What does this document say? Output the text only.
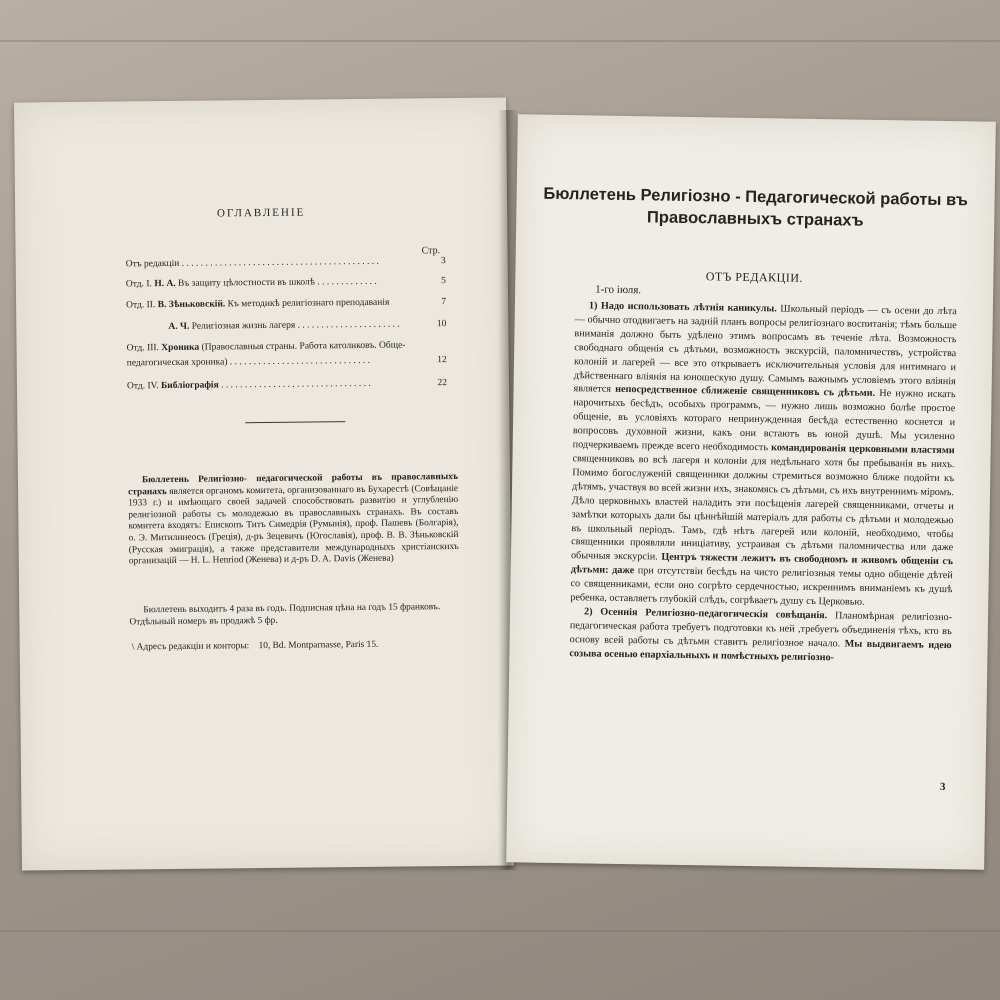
ОГЛАВЛЕНІЕ
Стр.
Отъ редакціи . . . . . . . . . . . . . . . . . . . . . . . . . . . . . . . . . . . . . . . . . .	3
Отд. I. Н. А. Въ защиту цѣлостности въ школѣ . . . . . . . . . . . . .	5
Отд. II. В. Зѣньковскій. Къ методикѣ религіознаго преподаванія	7
А. Ч. Религіозная жизнь лагеря . . . . . . . . . . . . . . . . . . . . . .	10
Отд. III. Хроника (Православныя страны. Работа католиковъ. Обще-
педагогическая хроника) . . . . . . . . . . . . . . . . . . . . . . . . . . . . . .	12
Отд. IV. Библіографія . . . . . . . . . . . . . . . . . . . . . . . . . . . . . . . .	22
Бюллетень Религіозно- педагогической работы въ православныхъ странахъ является органомъ комитета, организованнаго въ Бухарестѣ (Совѣщаніе 1933 г.) и имѣющаго своей задачей способствовать развитію и углубленію религіозной работы съ молодежью въ православныхъ странахъ. Въ составъ комитета входятъ: Епископъ Титъ Симедрія (Румынія), проф. Пашевъ (Болгарія), о. Э. Митилинеосъ (Греція), д-ръ Зецевичъ (Югославія), проф. В. В. Зѣньковскій (Русская эмиграція), а также представители международныхъ христіанскихъ организацій — H. L. Henriod (Женева) и д-ръ D. A. Davis (Женева)
Бюллетень выходитъ 4 раза въ годъ. Подписная цѣна на годъ 15 франковъ. Отдѣльный номеръ въ продажѣ 5 фр.
\ Адресъ редакціи и конторы: 10, Bd. Montparnasse, Paris 15.
Бюллетень Религіозно - Педагогической работы въ Православныхъ странахъ
ОТЪ РЕДАКЦІИ.
1-го іюля.

1) Надо использовать лѣтнія каникулы. Школьный періодъ — съ осени до лѣта — обычно отодвигаетъ на задній планъ вопросы религіознаго воспитанія; тѣмъ больше вниманія должно быть удѣлено этимъ вопросамъ въ теченіе лѣта. Возможность свободнаго общенія съ дѣтьми, возможность экскурсій, паломничествъ, устройства колоній и лагерей — все это открываетъ исключительныя условія для интимнаго и дѣйственнаго вліянія на юношескую душу. Самымъ важнымъ условіемъ этого вліянія является непосредственное сближеніе священниковъ съ дѣтьми. Не нужно искать нарочитыхъ бесѣдъ, особыхъ программъ, — нужно лишь возможно болѣе простое общеніе, въ условіяхъ котораго непринужденная бесѣда естественно коснется и вопросовъ духовной жизни, какъ они встаютъ въ юной душѣ. Мы усиленно подчеркиваемъ прежде всего необходимость командированія церковными властями священниковъ во всѣ лагеря и колоніи для недѣльнаго хотя бы пребыванія въ нихъ. Помимо богослуженій священники должны стремиться возможно ближе подойти къ дѣтямъ, участвуя во всей жизни ихъ, знакомясь съ дѣтьми, съ ихъ внутреннимъ міромъ. Дѣло церковныхъ властей наладить эти посѣщенія лагерей священниками, отчеты и замѣтки которыхъ дали бы цѣннѣйшій матеріалъ для работы съ дѣтьми и молодежью въ школьный періодъ. Тамъ, гдѣ нѣтъ лагерей или колоній, необходимо, чтобы священники проявляли иниціативу, устраивая съ дѣтьми паломничества или даже обычныя экскурсіи. Центръ тяжести лежитъ въ свободномъ и живомъ общеніи съ дѣтьми: даже при отсутствіи бесѣдъ на чисто религіозныя темы одно общеніе дѣтей со священниками, если оно согрѣто сердечностью, искреннимъ вниманіемъ къ душѣ ребенка, оставляетъ глубокій слѣдъ, согрѣваетъ душу съ Церковью.

2) Осеннія Религіозно-педагогическія совѣщанія. Планомѣрная религіозно-педагогическая работа требуетъ подготовки къ ней ,требуетъ объединенія тѣхъ, кто въ основу всей работы съ дѣтьми ставитъ религіозное начало. Мы выдвигаемъ идею созыва осенью епархіальныхъ и помѣстныхъ религіозно-

3
